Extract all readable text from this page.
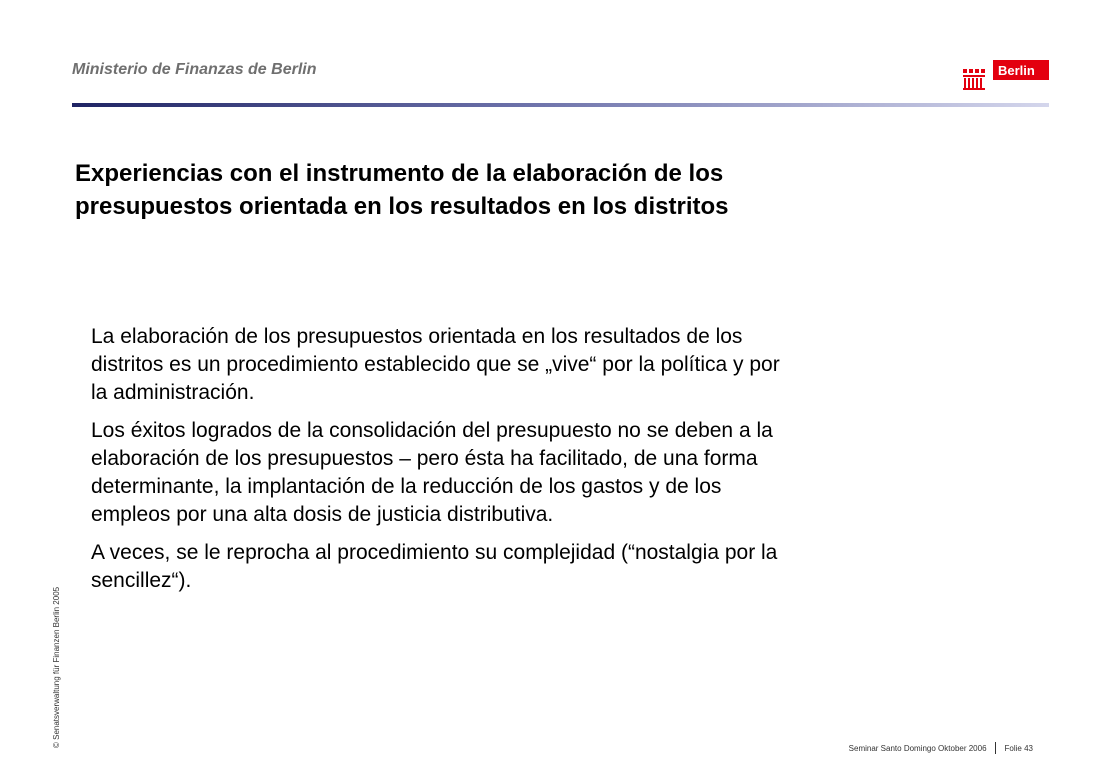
Ministerio de Finanzas de Berlin	Berlin
Experiencias con el instrumento de la elaboración de los
presupuestos orientada en los resultados en los distritos

La elaboración de los presupuestos orientada en los resultados de los
distritos es un procedimiento establecido que se „vive“ por la política y por
la administración.

Los éxitos logrados de la consolidación del presupuesto no se deben a la
elaboración de los presupuestos – pero ésta ha facilitado, de una forma
determinante, la implantación de la reducción de los gastos y de los
empleos por una alta dosis de justicia distributiva.

A veces, se le reprocha al procedimiento su complejidad (“nostalgia por la
sencillez“).

© Senatsverwaltung für Finanzen Berlin 2005	Seminar Santo Domingo Oktober 2006 Folie 43
